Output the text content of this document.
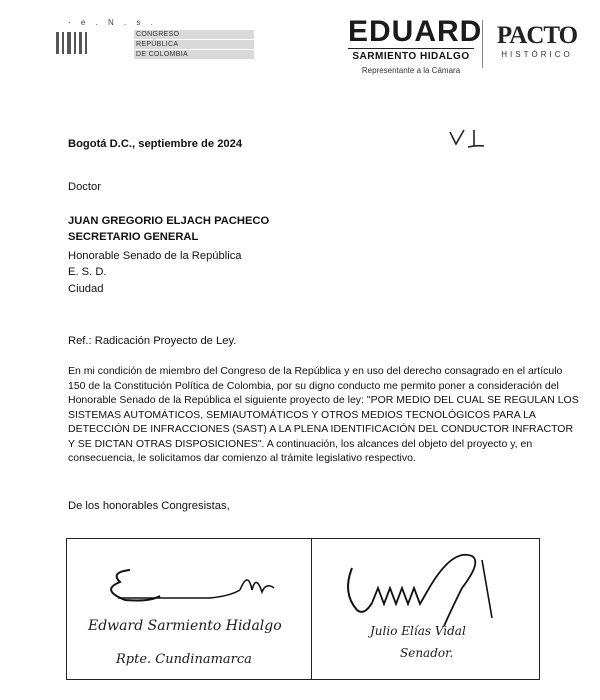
· e . N . s .
CONGRESO
REPÚBLICA
DE COLOMBIA
EDUARD
SARMIENTO HIDALGO
Representante a la Cámara
PACTO
HISTÓRICO
Bogotá D.C., septiembre de 2024
Doctor
JUAN GREGORIO ELJACH PACHECO
SECRETARIO GENERAL
Honorable Senado de la República
E. S. D.
Ciudad
Ref.: Radicación Proyecto de Ley.
En mi condición de miembro del Congreso de la República y en uso del derecho consagrado en el artículo
150 de la Constitución Política de Colombia, por su digno conducto me permito poner a consideración del
Honorable Senado de la República el siguiente proyecto de ley: "POR MEDIO DEL CUAL SE REGULAN LOS
SISTEMAS AUTOMÁTICOS, SEMIAUTOMÁTICOS Y OTROS MEDIOS TECNOLÓGICOS PARA LA
DETECCIÓN DE INFRACCIONES (SAST) A LA PLENA IDENTIFICACIÓN DEL CONDUCTOR INFRACTOR
Y SE DICTAN OTRAS DISPOSICIONES". A continuación, los alcances del objeto del proyecto y, en
consecuencia, le solicitamos dar comienzo al trámite legislativo respectivo.
De los honorables Congresistas,
Edward Sarmiento Hidalgo
Rpte. Cundinamarca
Julio Elías Vidal
Senador.
